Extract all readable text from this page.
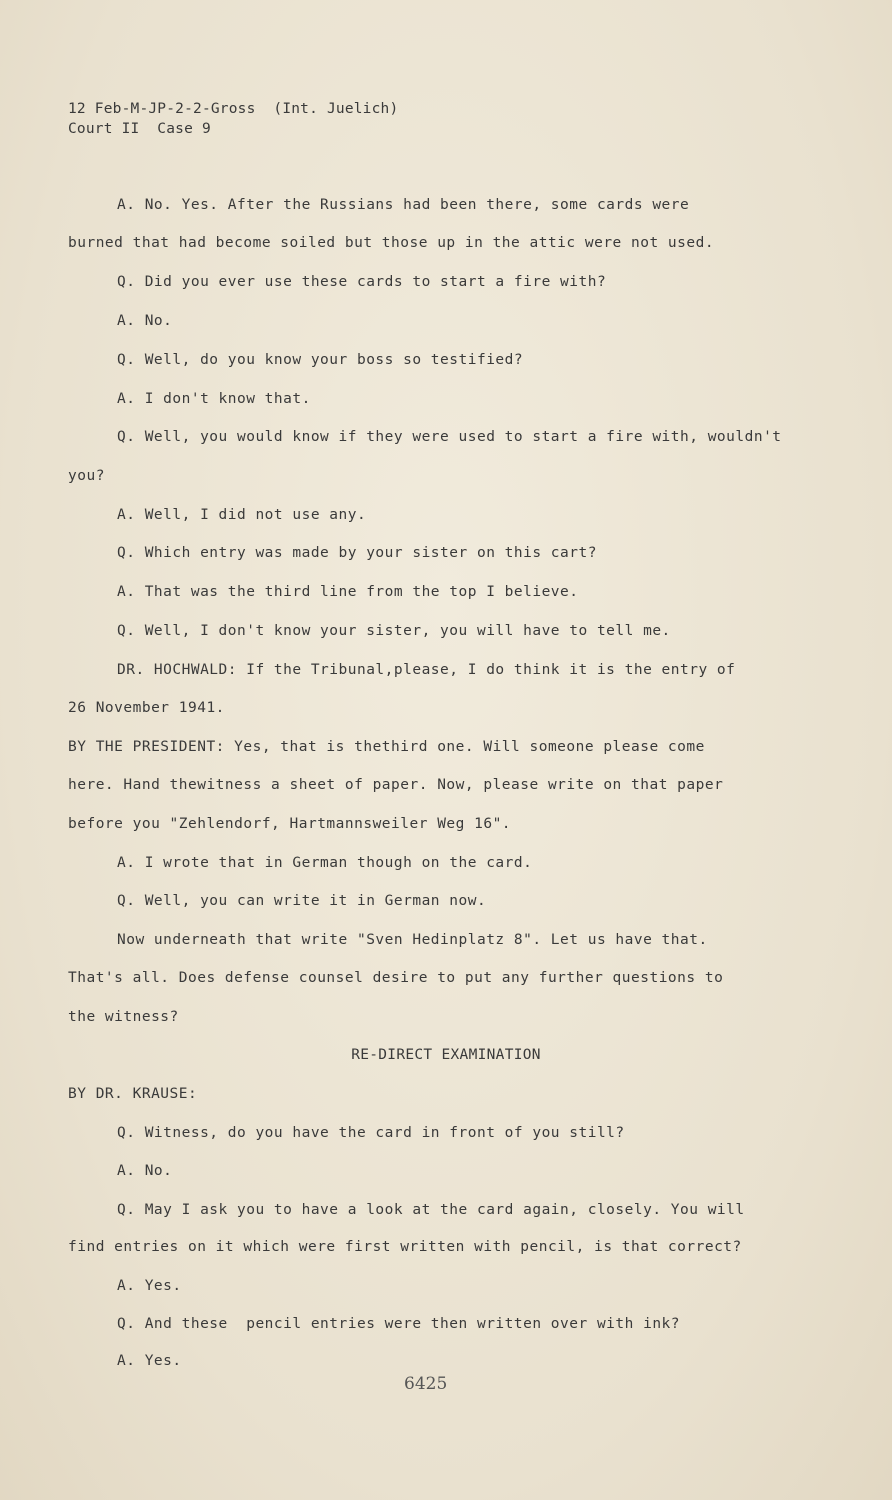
12 Feb-M-JP-2-2-Gross  (Int. Juelich)
Court II  Case 9
A. No. Yes. After the Russians had been there, some cards were
burned that had become soiled but those up in the attic were not used.
Q. Did you ever use these cards to start a fire with?
A. No.
Q. Well, do you know your boss so testified?
A. I don't know that.
Q. Well, you would know if they were used to start a fire with, wouldn't
you?
A. Well, I did not use any.
Q. Which entry was made by your sister on this cart?
A. That was the third line from the top I believe.
Q. Well, I don't know your sister, you will have to tell me.
DR. HOCHWALD: If the Tribunal,please, I do think it is the entry of
26 November 1941.
BY THE PRESIDENT: Yes, that is thethird one. Will someone please come
here. Hand thewitness a sheet of paper. Now, please write on that paper
before you "Zehlendorf, Hartmannsweiler Weg 16".
A. I wrote that in German though on the card.
Q. Well, you can write it in German now.
Now underneath that write "Sven Hedinplatz 8". Let us have that.
That's all. Does defense counsel desire to put any further questions to
the witness?
RE-DIRECT EXAMINATION
BY DR. KRAUSE:
Q. Witness, do you have the card in front of you still?
A. No.
Q. May I ask you to have a look at the card again, closely. You will
find entries on it which were first written with pencil, is that correct?
A. Yes.
Q. And these  pencil entries were then written over with ink?
A. Yes.
6425
